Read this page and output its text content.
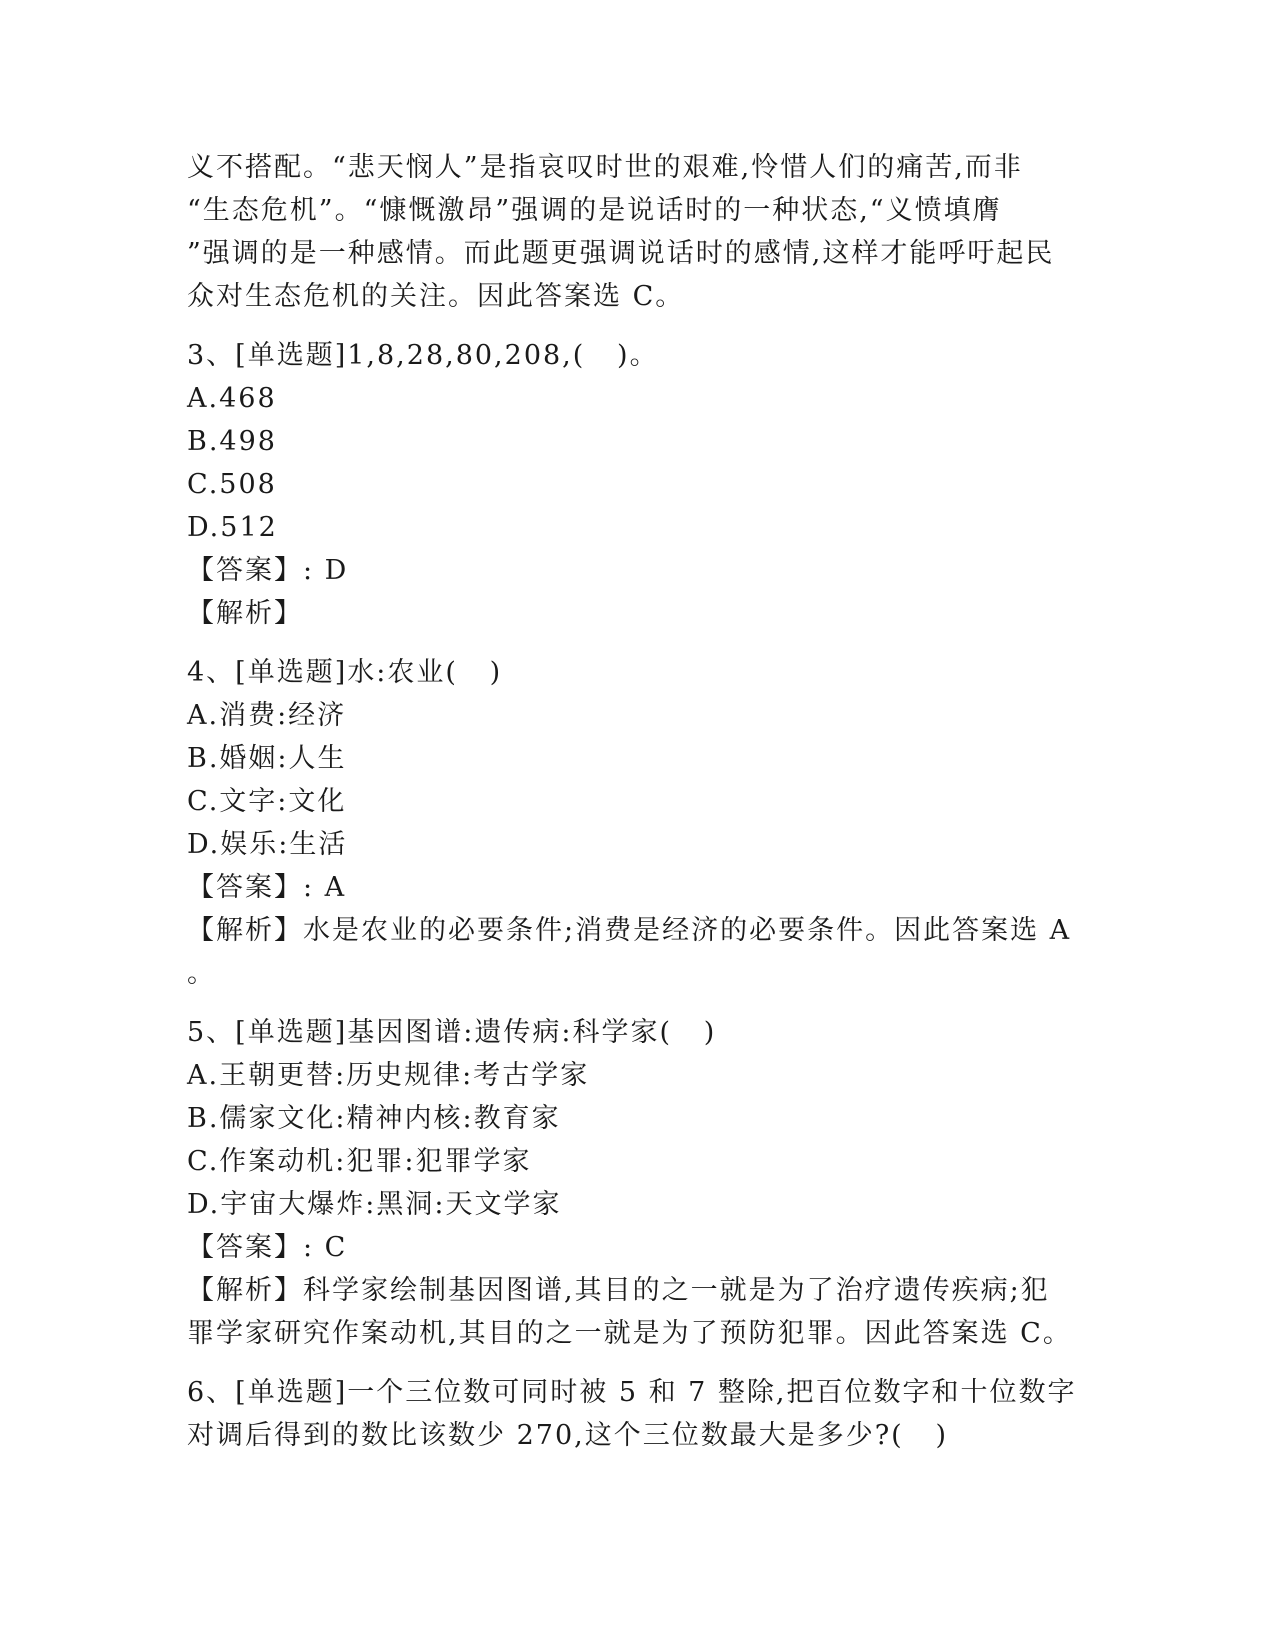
义不搭配。“悲天悯人”是指哀叹时世的艰难,怜惜人们的痛苦,而非
“生态危机”。“慷慨激昂”强调的是说话时的一种状态,“义愤填膺
”强调的是一种感情。而此题更强调说话时的感情,这样才能呼吁起民
众对生态危机的关注。因此答案选 C。
3、[单选题]1,8,28,80,208,(   )。
A.468
B.498
C.508
D.512
【答案】: D
【解析】
4、[单选题]水:农业(   )
A.消费:经济
B.婚姻:人生
C.文字:文化
D.娱乐:生活
【答案】: A
【解析】水是农业的必要条件;消费是经济的必要条件。因此答案选 A
。
5、[单选题]基因图谱:遗传病:科学家(   )
A.王朝更替:历史规律:考古学家
B.儒家文化:精神内核:教育家
C.作案动机:犯罪:犯罪学家
D.宇宙大爆炸:黑洞:天文学家
【答案】: C
【解析】科学家绘制基因图谱,其目的之一就是为了治疗遗传疾病;犯
罪学家研究作案动机,其目的之一就是为了预防犯罪。因此答案选 C。
6、[单选题]一个三位数可同时被 5 和 7 整除,把百位数字和十位数字
对调后得到的数比该数少 270,这个三位数最大是多少?(   )
